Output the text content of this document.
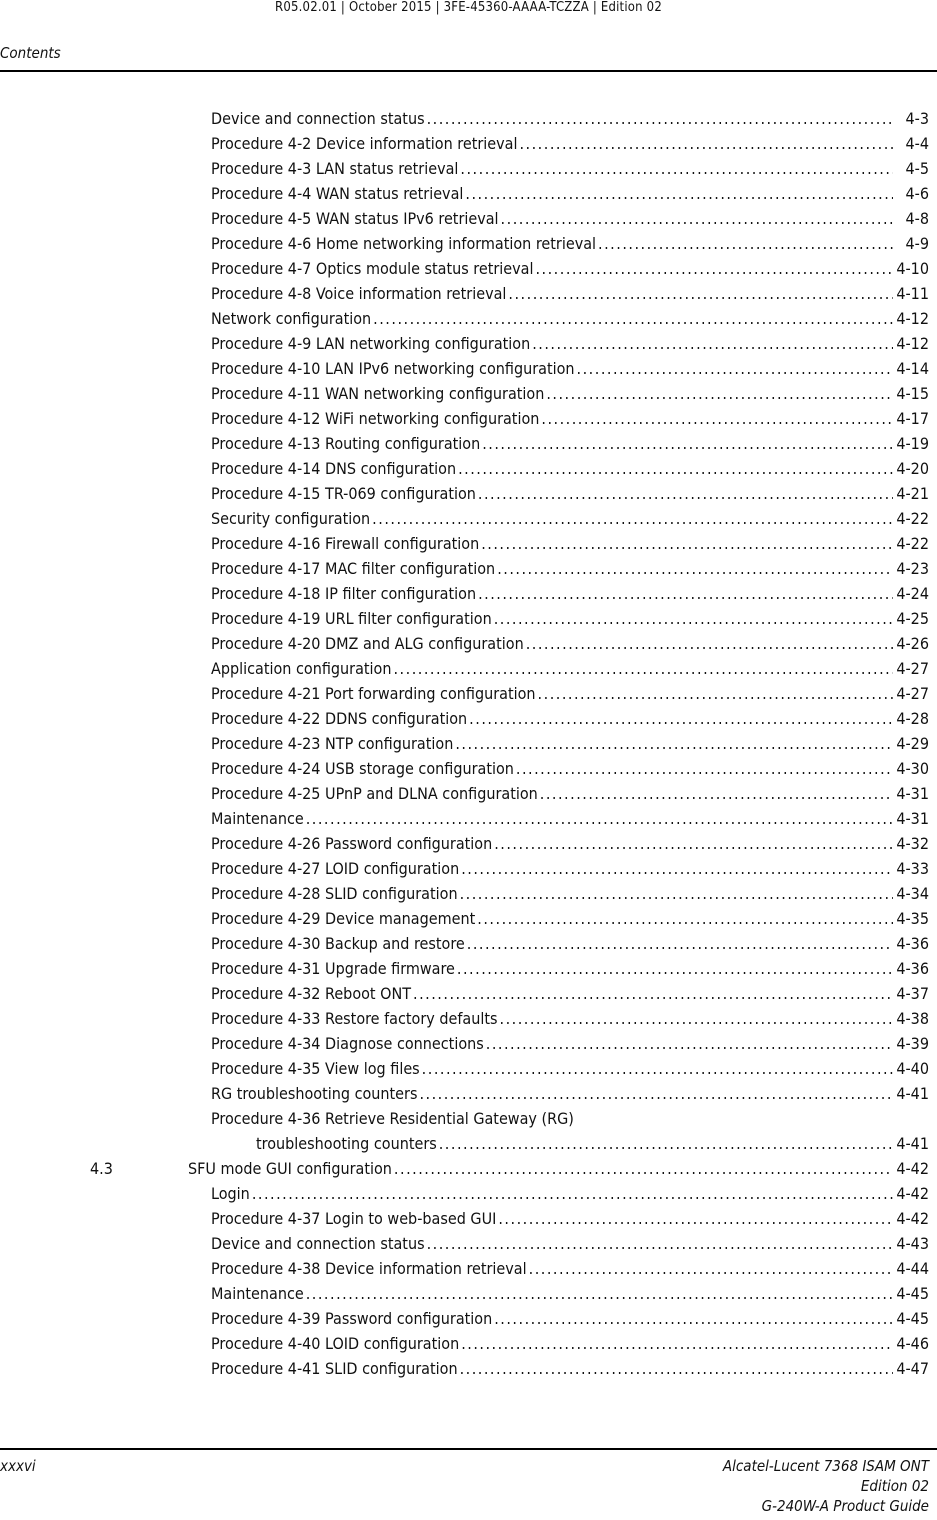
R05.02.01 | October 2015 | 3FE-45360-AAAA-TCZZA | Edition 02
Contents
Device and connection status .....	4-3
Procedure 4-2 Device information retrieval .....	4-4
Procedure 4-3 LAN status retrieval .....	4-5
Procedure 4-4 WAN status retrieval .....	4-6
Procedure 4-5 WAN status IPv6 retrieval .....	4-8
Procedure 4-6 Home networking information retrieval .....	4-9
Procedure 4-7 Optics module status retrieval .....	4-10
Procedure 4-8 Voice information retrieval .....	4-11
Network configuration .....	4-12
Procedure 4-9 LAN networking configuration .....	4-12
Procedure 4-10 LAN IPv6 networking configuration .....	4-14
Procedure 4-11 WAN networking configuration .....	4-15
Procedure 4-12 WiFi networking configuration .....	4-17
Procedure 4-13 Routing configuration .....	4-19
Procedure 4-14 DNS configuration .....	4-20
Procedure 4-15 TR-069 configuration .....	4-21
Security configuration .....	4-22
Procedure 4-16 Firewall configuration .....	4-22
Procedure 4-17 MAC filter configuration .....	4-23
Procedure 4-18 IP filter configuration .....	4-24
Procedure 4-19 URL filter configuration .....	4-25
Procedure 4-20 DMZ and ALG configuration .....	4-26
Application configuration .....	4-27
Procedure 4-21 Port forwarding configuration .....	4-27
Procedure 4-22 DDNS configuration .....	4-28
Procedure 4-23 NTP configuration .....	4-29
Procedure 4-24 USB storage configuration .....	4-30
Procedure 4-25 UPnP and DLNA configuration .....	4-31
Maintenance .....	4-31
Procedure 4-26 Password configuration .....	4-32
Procedure 4-27 LOID configuration .....	4-33
Procedure 4-28 SLID configuration .....	4-34
Procedure 4-29 Device management .....	4-35
Procedure 4-30 Backup and restore .....	4-36
Procedure 4-31 Upgrade firmware .....	4-36
Procedure 4-32 Reboot ONT .....	4-37
Procedure 4-33 Restore factory defaults .....	4-38
Procedure 4-34 Diagnose connections .....	4-39
Procedure 4-35 View log files .....	4-40
RG troubleshooting counters .....	4-41
Procedure 4-36 Retrieve Residential Gateway (RG)
troubleshooting counters .....	4-41
4.3	SFU mode GUI configuration .....	4-42
Login .....	4-42
Procedure 4-37 Login to web-based GUI .....	4-42
Device and connection status .....	4-43
Procedure 4-38 Device information retrieval .....	4-44
Maintenance .....	4-45
Procedure 4-39 Password configuration .....	4-45
Procedure 4-40 LOID configuration .....	4-46
Procedure 4-41 SLID configuration .....	4-47
xxxvi	Alcatel-Lucent 7368 ISAM ONT
Edition 02
G-240W-A Product Guide
